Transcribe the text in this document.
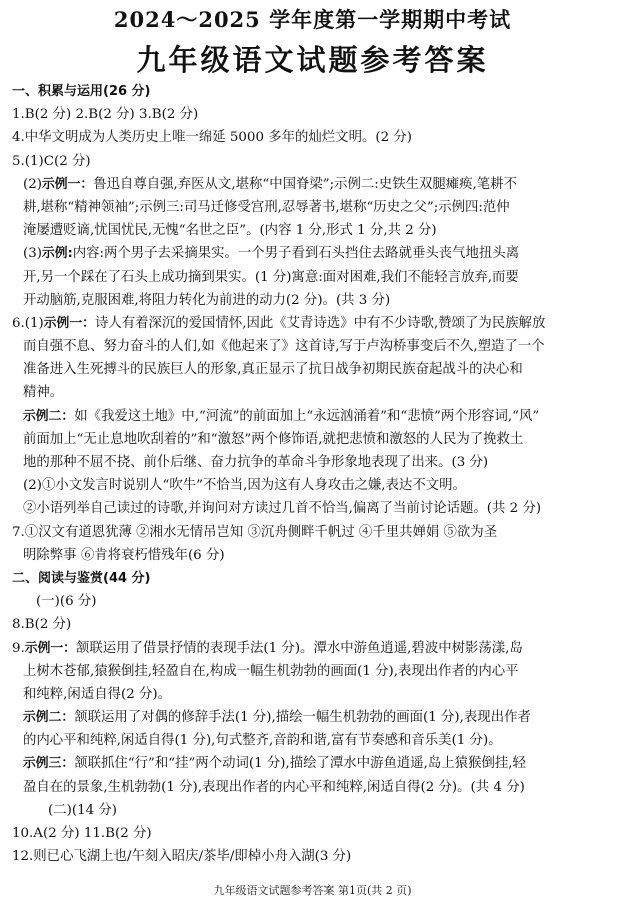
2024～2025 学年度第一学期期中考试
九年级语文试题参考答案
一、积累与运用(26 分)
1.B(2 分) 2.B(2 分) 3.B(2 分)
4.中华文明成为人类历史上唯一绵延 5000 多年的灿烂文明。(2 分)
5.(1)C(2 分)
(2)示例一：鲁迅自尊自强,弃医从文,堪称“中国脊梁”;示例二:史铁生双腿瘫痪,笔耕不
耕,堪称“精神领袖”;示例三:司马迁修受宫刑,忍辱著书,堪称“历史之父”;示例四:范仲
淹屡遭贬谪,忧国忧民,无愧“名世之臣”。(内容 1 分,形式 1 分,共 2 分)
(3)示例:内容:两个男子去采摘果实。一个男子看到石头挡住去路就垂头丧气地扭头离
开,另一个踩在了石头上成功摘到果实。(1 分)寓意:面对困难,我们不能轻言放弃,而要
开动脑筋,克服困难,将阻力转化为前进的动力(2 分)。(共 3 分)
6.(1)示例一：诗人有着深沉的爱国情怀,因此《艾青诗选》中有不少诗歌,赞颂了为民族解放
而自强不息、努力奋斗的人们,如《他起来了》这首诗,写于卢沟桥事变后不久,塑造了一个
准备进入生死搏斗的民族巨人的形象,真正显示了抗日战争初期民族奋起战斗的决心和
精神。
示例二：如《我爱这土地》中,“河流”的前面加上“永远汹涌着”和“悲愤”两个形容词,“风”
前面加上“无止息地吹刮着的”和“激怒”两个修饰语,就把悲愤和激怒的人民为了挽救土
地的那种不屈不挠、前仆后继、奋力抗争的革命斗争形象地表现了出来。(3 分)
(2)①小文发言时说别人“吹牛”不恰当,因为这有人身攻击之嫌,表达不文明。
②小语列举自己读过的诗歌,并询问对方读过几首不恰当,偏离了当前讨论话题。(共 2 分)
7.①汉文有道恩犹薄 ②湘水无情吊岂知 ③沉舟侧畔千帆过 ④千里共婵娟 ⑤欲为圣
明除弊事 ⑥肯将衰朽惜残年(6 分)
二、阅读与鉴赏(44 分)
(一)(6 分)
8.B(2 分)
9.示例一：颔联运用了借景抒情的表现手法(1 分)。潭水中游鱼逍遥,碧波中树影荡漾,岛
上树木苍郁,猿猴倒挂,轻盈自在,构成一幅生机勃勃的画面(1 分),表现出作者的内心平
和纯粹,闲适自得(2 分)。
示例二：颔联运用了对偶的修辞手法(1 分),描绘一幅生机勃勃的画面(1 分),表现出作者
的内心平和纯粹,闲适自得(1 分),句式整齐,音韵和谐,富有节奏感和音乐美(1 分)。
示例三：颔联抓住“行”和“挂”两个动词(1 分),描绘了潭水中游鱼逍遥,岛上猿猴倒挂,轻
盈自在的景象,生机勃勃(1 分),表现出作者的内心平和纯粹,闲适自得(2 分)。(共 4 分)
(二)(14 分)
10.A(2 分) 11.B(2 分)
12.则已心飞湖上也/午刻入昭庆/茶毕/即棹小舟入湖(3 分)
九年级语文试题参考答案 第1页(共 2 页)
